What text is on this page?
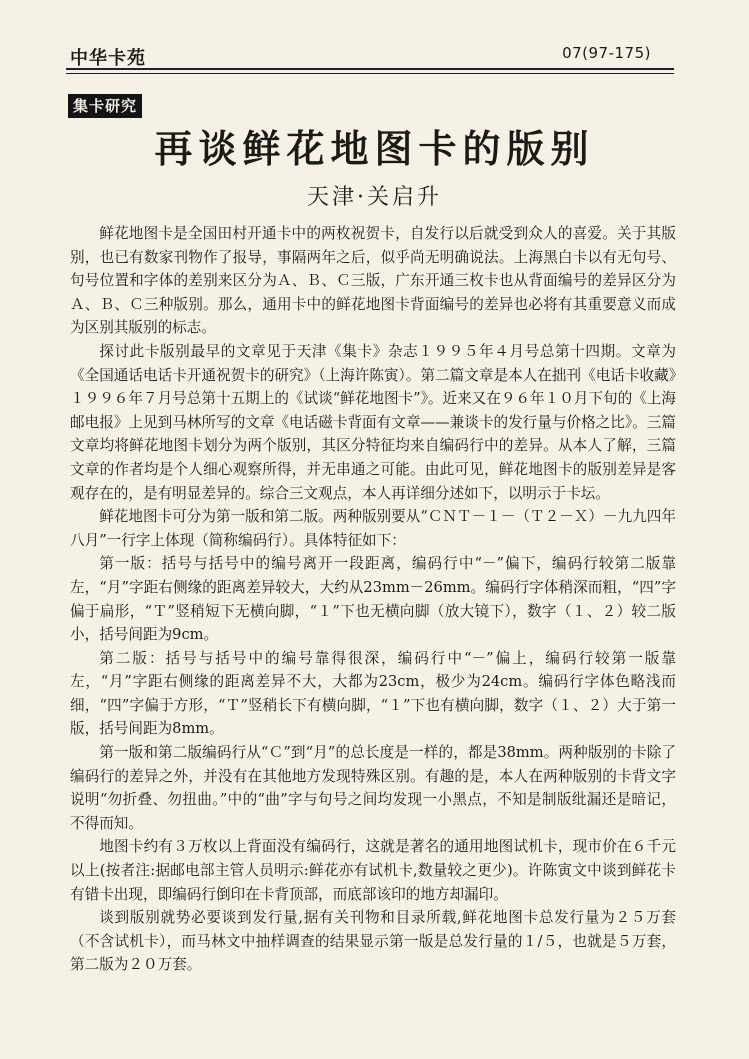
中华卡苑	07(97-175)
集卡研究
再谈鲜花地图卡的版别
天津·关启升

鲜花地图卡是全国田村开通卡中的两枚祝贺卡，自发行以后就受到众人的喜爱。关于其版别，也已有数家刊物作了报导，事隔两年之后，似乎尚无明确说法。上海黑白卡以有无句号、句号位置和字体的差别来区分为Ａ、Ｂ、Ｃ三版，广东开通三枚卡也从背面编号的差异区分为Ａ、Ｂ、Ｃ三种版别。那么，通用卡中的鲜花地图卡背面编号的差异也必将有其重要意义而成为区别其版别的标志。

探讨此卡版别最早的文章见于天津《集卡》杂志１９９５年４月号总第十四期。文章为《全国通话电话卡开通祝贺卡的研究》（上海许陈寅）。第二篇文章是本人在拙刊《电话卡收藏》１９９６年７月号总第十五期上的《试谈“鲜花地图卡”》。近来又在９６年１０月下旬的《上海邮电报》上见到马林所写的文章《电话磁卡背面有文章——兼谈卡的发行量与价格之比》。三篇文章均将鲜花地图卡划分为两个版别，其区分特征均来自编码行中的差异。从本人了解，三篇文章的作者均是个人细心观察所得，并无串通之可能。由此可见，鲜花地图卡的版别差异是客观存在的，是有明显差异的。综合三文观点，本人再详细分述如下，以明示于卡坛。

鲜花地图卡可分为第一版和第二版。两种版别要从“ＣＮＴ－１－（Ｔ２－Ｘ）－九九四年八月”一行字上体现（简称编码行）。具体特征如下：

第一版：括号与括号中的编号离开一段距离，编码行中“－”偏下，编码行较第二版靠左，“月”字距右侧缘的距离差异较大，大约从23mm－26mm。编码行字体稍深而粗，“四”字偏于扁形，“Ｔ”竖稍短下无横向脚，“１”下也无横向脚（放大镜下），数字（１、２）较二版小，括号间距为9cm。

第二版：括号与括号中的编号靠得很深，编码行中“－”偏上，编码行较第一版靠左，“月”字距右侧缘的距离差异不大，大都为23cm，极少为24cm。编码行字体色略浅而细，“四”字偏于方形，“Ｔ”竖稍长下有横向脚，“１”下也有横向脚，数字（１、２）大于第一版，括号间距为8mm。

第一版和第二版编码行从“Ｃ”到“月”的总长度是一样的，都是38mm。两种版别的卡除了编码行的差异之外，并没有在其他地方发现特殊区别。有趣的是，本人在两种版别的卡背文字说明“勿折叠、勿扭曲。”中的“曲”字与句号之间均发现一小黑点，不知是制版纰漏还是暗记，不得而知。

地图卡约有３万枚以上背面没有编码行，这就是著名的通用地图试机卡，现市价在６千元以上(按者注:据邮电部主管人员明示:鲜花亦有试机卡,数量较之更少)。许陈寅文中谈到鲜花卡有错卡出现，即编码行倒印在卡背顶部，而底部该印的地方却漏印。

谈到版别就势必要谈到发行量,据有关刊物和目录所载,鲜花地图卡总发行量为２５万套（不含试机卡），而马林文中抽样调查的结果显示第一版是总发行量的１/５，也就是５万套，第二版为２０万套。
